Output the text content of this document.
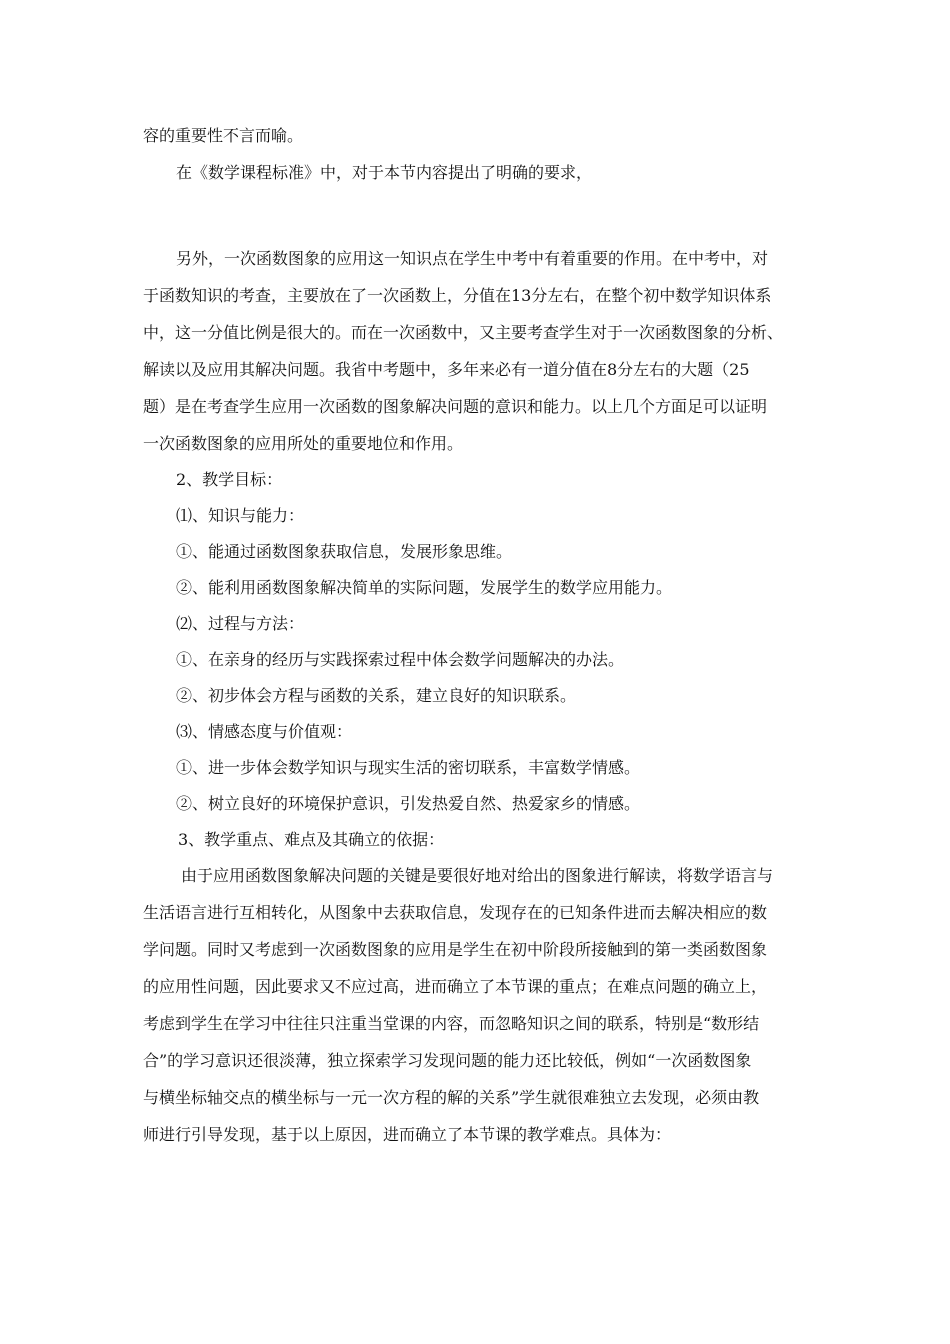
容的重要性不言而喻。
在《数学课程标准》中，对于本节内容提出了明确的要求，
另外，一次函数图象的应用这一知识点在学生中考中有着重要的作用。在中考中，对
于函数知识的考查，主要放在了一次函数上，分值在13分左右，在整个初中数学知识体系
中，这一分值比例是很大的。而在一次函数中，又主要考查学生对于一次函数图象的分析、
解读以及应用其解决问题。我省中考题中，多年来必有一道分值在8分左右的大题（25
题）是在考查学生应用一次函数的图象解决问题的意识和能力。以上几个方面足可以证明
一次函数图象的应用所处的重要地位和作用。
2、教学目标：
⑴、知识与能力：
①、能通过函数图象获取信息，发展形象思维。
②、能利用函数图象解决简单的实际问题，发展学生的数学应用能力。
⑵、过程与方法：
①、在亲身的经历与实践探索过程中体会数学问题解决的办法。
②、初步体会方程与函数的关系，建立良好的知识联系。
⑶、情感态度与价值观：
①、进一步体会数学知识与现实生活的密切联系，丰富数学情感。
②、树立良好的环境保护意识，引发热爱自然、热爱家乡的情感。
3、教学重点、难点及其确立的依据：
由于应用函数图象解决问题的关键是要很好地对给出的图象进行解读，将数学语言与
生活语言进行互相转化，从图象中去获取信息，发现存在的已知条件进而去解决相应的数
学问题。同时又考虑到一次函数图象的应用是学生在初中阶段所接触到的第一类函数图象
的应用性问题，因此要求又不应过高，进而确立了本节课的重点；在难点问题的确立上，
考虑到学生在学习中往往只注重当堂课的内容，而忽略知识之间的联系，特别是“数形结
合”的学习意识还很淡薄，独立探索学习发现问题的能力还比较低，例如“一次函数图象
与横坐标轴交点的横坐标与一元一次方程的解的关系”学生就很难独立去发现，必须由教
师进行引导发现，基于以上原因，进而确立了本节课的教学难点。具体为：
